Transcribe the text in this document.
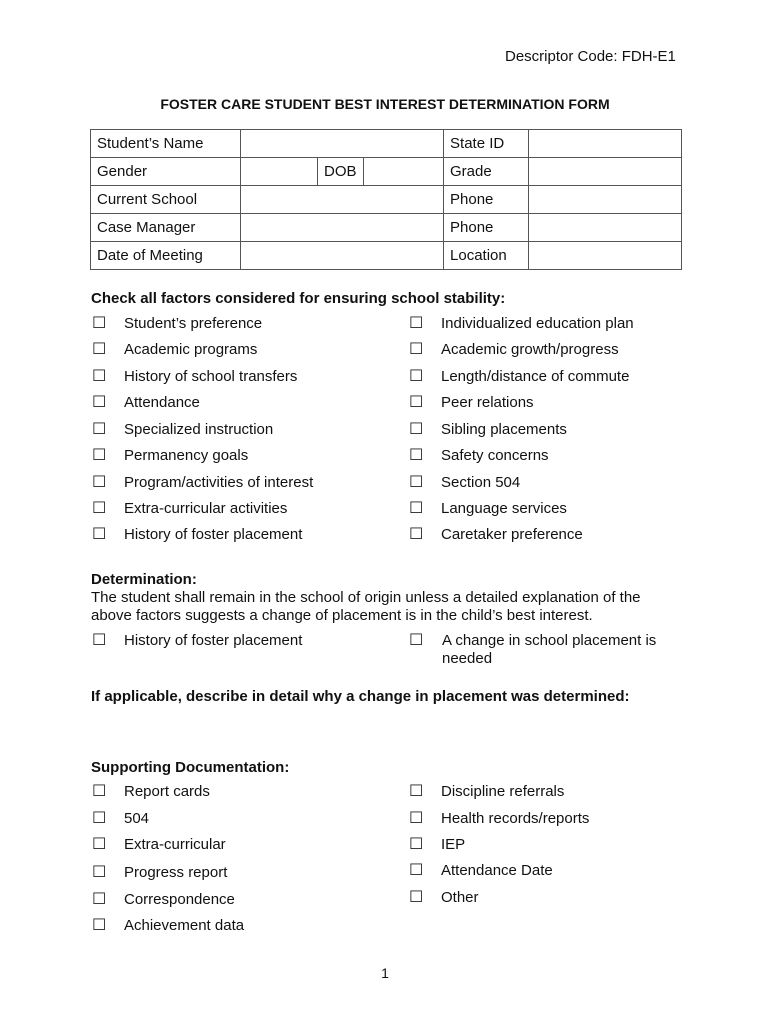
Descriptor Code: FDH-E1
FOSTER CARE STUDENT BEST INTEREST DETERMINATION FORM
Student’s Name				State ID	
Gender		DOB		Grade	
Current School				Phone	
Case Manager				Phone	
Date of Meeting				Location	
Check all factors considered for ensuring school stability:
☐ Student’s preference
☐ Academic programs
☐ History of school transfers
☐ Attendance
☐ Specialized instruction
☐ Permanency goals
☐ Program/activities of interest
☐ Extra-curricular activities
☐ History of foster placement
☐ Individualized education plan
☐ Academic growth/progress
☐ Length/distance of commute
☐ Peer relations
☐ Sibling placements
☐ Safety concerns
☐ Section 504
☐ Language services
☐ Caretaker preference
Determination:
The student shall remain in the school of origin unless a detailed explanation of the
above factors suggests a change of placement is in the child’s best interest.
☐ History of foster placement	☐ A change in school placement is needed
If applicable, describe in detail why a change in placement was determined:
Supporting Documentation:
☐ Report cards
☐ 504
☐ Extra-curricular
☐ Progress report
☐ Correspondence
☐ Achievement data
☐ Discipline referrals
☐ Health records/reports
☐ IEP
☐ Attendance Date
☐ Other
1
